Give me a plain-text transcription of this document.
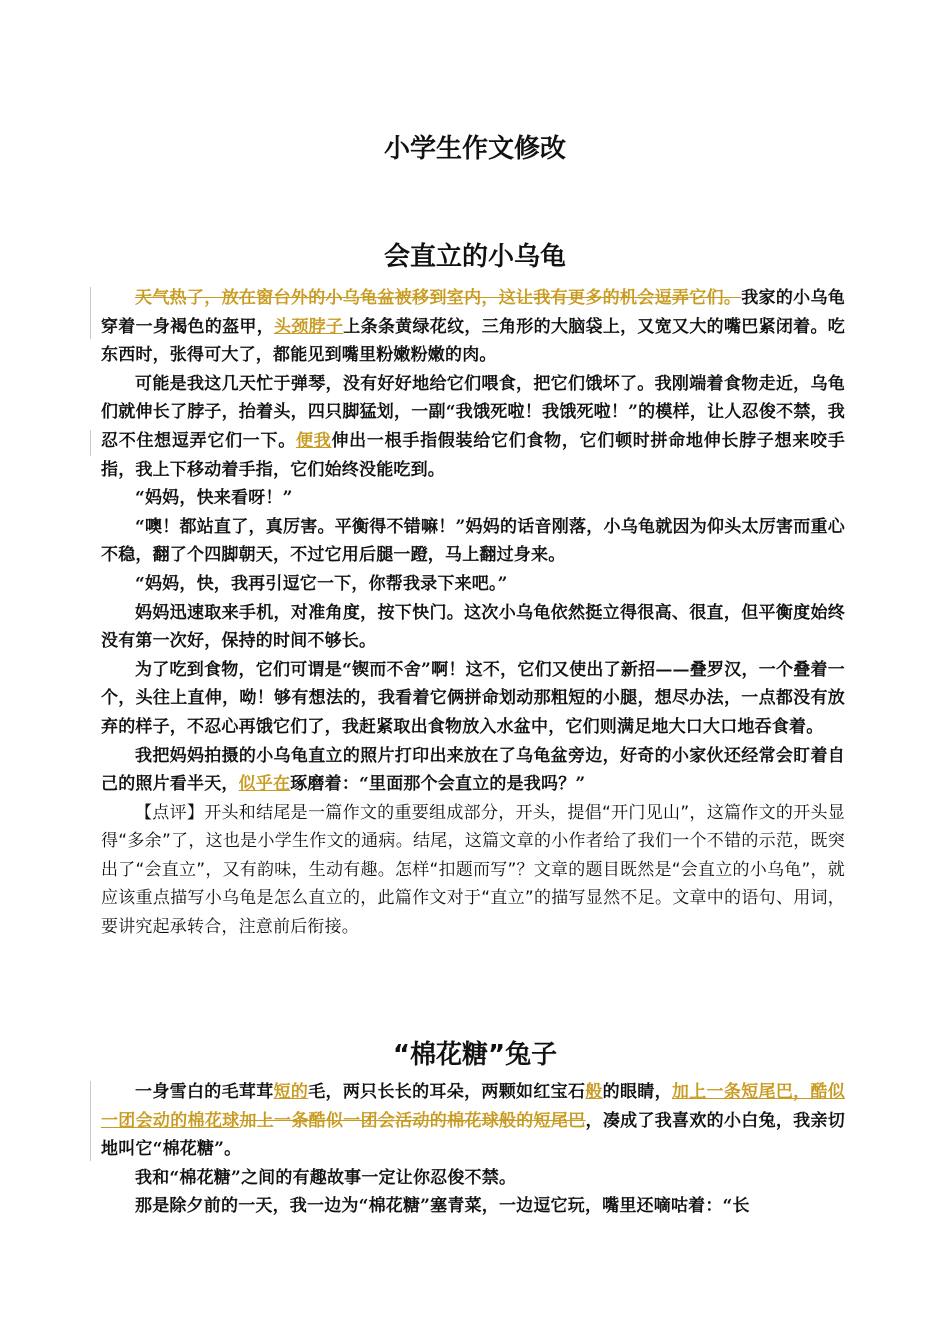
小学生作文修改
会直立的小乌龟

天气热了，放在窗台外的小乌龟盆被移到室内，这让我有更多的机会逗弄它们。我家的小乌龟穿着一身褐色的盔甲，头颈脖子上条条黄绿花纹，三角形的大脑袋上，又宽又大的嘴巴紧闭着。吃东西时，张得可大了，都能见到嘴里粉嫩粉嫩的肉。

可能是我这几天忙于弹琴，没有好好地给它们喂食，把它们饿坏了。我刚端着食物走近，乌龟们就伸长了脖子，抬着头，四只脚猛划，一副“我饿死啦！我饿死啦！”的模样，让人忍俊不禁，我忍不住想逗弄它们一下。便我伸出一根手指假装给它们食物，它们顿时拼命地伸长脖子想来咬手指，我上下移动着手指，它们始终没能吃到。

“妈妈，快来看呀！”

“噢！都站直了，真厉害。平衡得不错嘛！”妈妈的话音刚落，小乌龟就因为仰头太厉害而重心不稳，翻了个四脚朝天，不过它用后腿一蹬，马上翻过身来。

“妈妈，快，我再引逗它一下，你帮我录下来吧。”

妈妈迅速取来手机，对准角度，按下快门。这次小乌龟依然挺立得很高、很直，但平衡度始终没有第一次好，保持的时间不够长。

为了吃到食物，它们可谓是“锲而不舍”啊！这不，它们又使出了新招——叠罗汉，一个叠着一个，头往上直伸，呦！够有想法的，我看着它俩拼命划动那粗短的小腿，想尽办法，一点都没有放弃的样子，不忍心再饿它们了，我赶紧取出食物放入水盆中，它们则满足地大口大口地吞食着。

我把妈妈拍摄的小乌龟直立的照片打印出来放在了乌龟盆旁边，好奇的小家伙还经常会盯着自己的照片看半天，似乎在琢磨着：“里面那个会直立的是我吗？”

【点评】开头和结尾是一篇作文的重要组成部分，开头，提倡“开门见山”，这篇作文的开头显得“多余”了，这也是小学生作文的通病。结尾，这篇文章的小作者给了我们一个不错的示范，既突出了“会直立”，又有韵味，生动有趣。怎样“扣题而写”？文章的题目既然是“会直立的小乌龟”，就应该重点描写小乌龟是怎么直立的，此篇作文对于“直立”的描写显然不足。文章中的语句、用词，要讲究起承转合，注意前后衔接。

“棉花糖”兔子

一身雪白的毛茸茸短的毛，两只长长的耳朵，两颗如红宝石般的眼睛，加上一条短尾巴，酷似一团会动的棉花球加上一条酷似一团会活动的棉花球般的短尾巴，凑成了我喜欢的小白兔，我亲切地叫它“棉花糖”。

我和“棉花糖”之间的有趣故事一定让你忍俊不禁。

那是除夕前的一天，我一边为“棉花糖”塞青菜，一边逗它玩，嘴里还嘀咕着：“长
